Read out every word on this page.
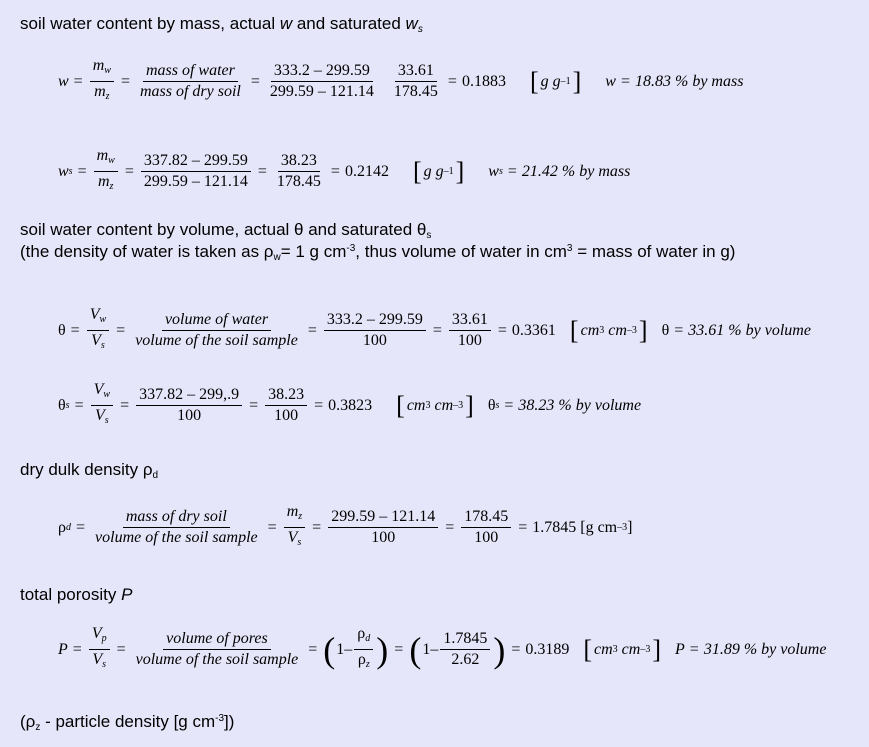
soil water content by mass, actual w and saturated $w_s$
$w = \frac{m_w}{m_z} = \frac{\text{mass of water}}{\text{mass of dry soil}} = \frac{333.2 - 299.59}{299.59 - 121.14} \frac{33.61}{178.45} = 0.1883$ [ g g –1 ] w = 18.83 % by mass
w $s = \frac{m_w}{m_z} = \frac{337.82 - 299.59}{299.59 - 121.14} = \frac{38.23}{178.45} = 0.2142$ [ g g –1 ] w s = 21.42 % by mass
soil water content by volume, actual θ and saturated $\theta_s$
(the density of water is taken as $\rho_w= 1$ g $cm^{-3}$, thus volume of water in $cm^3$ = mass of water in g)
$\theta = \frac{V_w}{V_s} = \frac{\text{volume of water}}{\text{volume of the soil sample}} = \frac{333.2 - 299.59}{100} = \frac{33.61}{100} = 0.3361$ [ cm 3
cm –3 ] θ = 33.61 % by volume
θ $s = \frac{V_w}{V_s} = \frac{337.82 - 299,.9}{100} = \frac{38.23}{100} = 0.3823$ [ cm 3
cm –3 ] θ s = 38.23 % by volume
dry dulk density $\rho_d$
ρ $d = \frac{\text{mass of dry soil}}{\text{volume of the soil sample}} = \frac{m_z}{V_s} = \frac{299.59 - 121.14}{100} = \frac{178.45}{100} = 1.7845$
[g cm –3 ]
total porosity P
$P = \frac{V_p}{V_s} = \frac{\text{volume of pores}}{\text{volume of the soil sample}}$ = ( $1- \frac{\rho_d}{\rho_z}$ ) = ( $1- \frac{1.7845}{2.62}$ ) = 0.3189 [ cm 3
cm –3 ] P = 31.89 % by volume
($\rho_z$ - particle density [g $cm^{-3}$])
